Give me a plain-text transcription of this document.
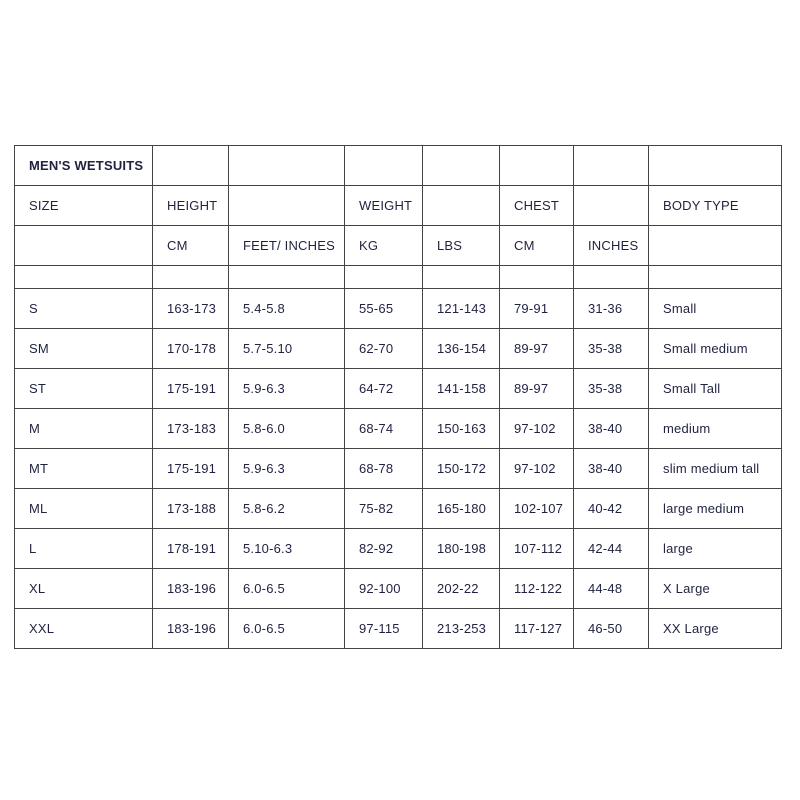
MEN'S WETSUITS							
SIZE	HEIGHT		WEIGHT		CHEST		BODY TYPE
	CM	FEET/ INCHES	KG	LBS	CM	INCHES	

S	163-173	5.4-5.8	55-65	121-143	79-91	31-36	Small
SM	170-178	5.7-5.10	62-70	136-154	89-97	35-38	Small medium
ST	175-191	5.9-6.3	64-72	141-158	89-97	35-38	Small Tall
M	173-183	5.8-6.0	68-74	150-163	97-102	38-40	medium
MT	175-191	5.9-6.3	68-78	150-172	97-102	38-40	slim medium tall
ML	173-188	5.8-6.2	75-82	165-180	102-107	40-42	large medium
L	178-191	5.10-6.3	82-92	180-198	107-112	42-44	large
XL	183-196	6.0-6.5	92-100	202-22	112-122	44-48	X Large
XXL	183-196	6.0-6.5	97-115	213-253	117-127	46-50	XX Large
